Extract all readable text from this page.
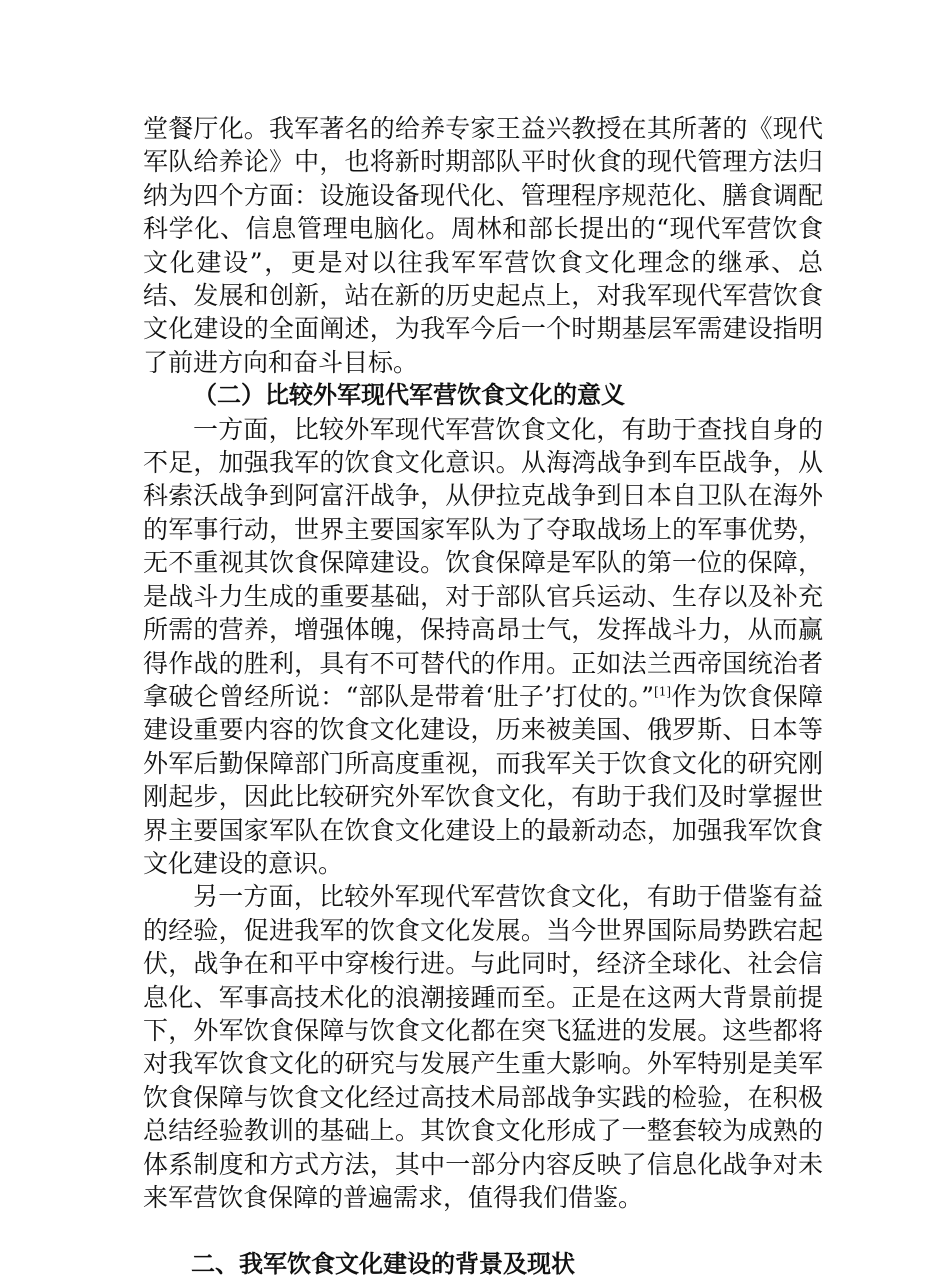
堂餐厅化。我军著名的给养专家王益兴教授在其所著的《现代军队给养论》中，也将新时期部队平时伙食的现代管理方法归纳为四个方面：设施设备现代化、管理程序规范化、膳食调配科学化、信息管理电脑化。周林和部长提出的“现代军营饮食文化建设”，更是对以往我军军营饮食文化理念的继承、总结、发展和创新，站在新的历史起点上，对我军现代军营饮食文化建设的全面阐述，为我军今后一个时期基层军需建设指明了前进方向和奋斗目标。

（二）比较外军现代军营饮食文化的意义

一方面，比较外军现代军营饮食文化，有助于查找自身的不足，加强我军的饮食文化意识。从海湾战争到车臣战争，从科索沃战争到阿富汗战争，从伊拉克战争到日本自卫队在海外的军事行动，世界主要国家军队为了夺取战场上的军事优势，无不重视其饮食保障建设。饮食保障是军队的第一位的保障，是战斗力生成的重要基础，对于部队官兵运动、生存以及补充所需的营养，增强体魄，保持高昂士气，发挥战斗力，从而赢得作战的胜利，具有不可替代的作用。正如法兰西帝国统治者拿破仑曾经所说：“部队是带着‘肚子’打仗的。”[1]作为饮食保障建设重要内容的饮食文化建设，历来被美国、俄罗斯、日本等外军后勤保障部门所高度重视，而我军关于饮食文化的研究刚刚起步，因此比较研究外军饮食文化，有助于我们及时掌握世界主要国家军队在饮食文化建设上的最新动态，加强我军饮食文化建设的意识。

另一方面，比较外军现代军营饮食文化，有助于借鉴有益的经验，促进我军的饮食文化发展。当今世界国际局势跌宕起伏，战争在和平中穿梭行进。与此同时，经济全球化、社会信息化、军事高技术化的浪潮接踵而至。正是在这两大背景前提下，外军饮食保障与饮食文化都在突飞猛进的发展。这些都将对我军饮食文化的研究与发展产生重大影响。外军特别是美军饮食保障与饮食文化经过高技术局部战争实践的检验，在积极总结经验教训的基础上。其饮食文化形成了一整套较为成熟的体系制度和方式方法，其中一部分内容反映了信息化战争对未来军营饮食保障的普遍需求，值得我们借鉴。

二、我军饮食文化建设的背景及现状
